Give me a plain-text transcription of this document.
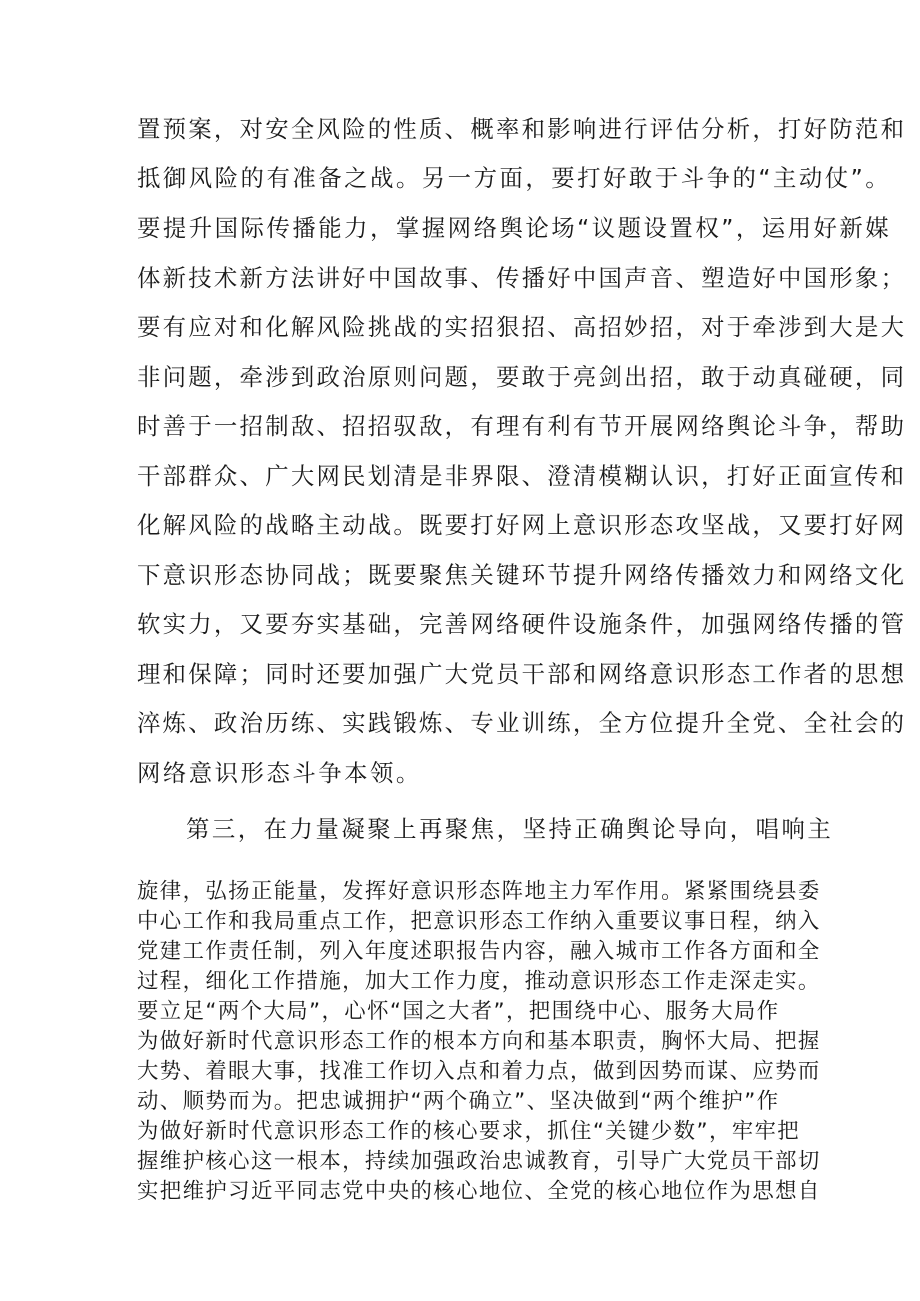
置预案，对安全风险的性质、概率和影响进行评估分析，打好防范和

抵御风险的有准备之战。另一方面，要打好敢于斗争的“主动仗”。

要提升国际传播能力，掌握网络舆论场“议题设置权”，运用好新媒

体新技术新方法讲好中国故事、传播好中国声音、塑造好中国形象；

要有应对和化解风险挑战的实招狠招、高招妙招，对于牵涉到大是大

非问题，牵涉到政治原则问题，要敢于亮剑出招，敢于动真碰硬，同

时善于一招制敌、招招驭敌，有理有利有节开展网络舆论斗争，帮助

干部群众、广大网民划清是非界限、澄清模糊认识，打好正面宣传和

化解风险的战略主动战。既要打好网上意识形态攻坚战，又要打好网

下意识形态协同战；既要聚焦关键环节提升网络传播效力和网络文化

软实力，又要夯实基础，完善网络硬件设施条件，加强网络传播的管

理和保障；同时还要加强广大党员干部和网络意识形态工作者的思想

淬炼、政治历练、实践锻炼、专业训练，全方位提升全党、全社会的

网络意识形态斗争本领。

第三，在力量凝聚上再聚焦，坚持正确舆论导向，唱响主

旋律，弘扬正能量，发挥好意识形态阵地主力军作用。紧紧围绕县委

中心工作和我局重点工作，把意识形态工作纳入重要议事日程，纳入

党建工作责任制，列入年度述职报告内容，融入城市工作各方面和全

过程，细化工作措施，加大工作力度，推动意识形态工作走深走实。

要立足“两个大局”，心怀“国之大者”，把围绕中心、服务大局作

为做好新时代意识形态工作的根本方向和基本职责，胸怀大局、把握

大势、着眼大事，找准工作切入点和着力点，做到因势而谋、应势而

动、顺势而为。把忠诚拥护“两个确立”、坚决做到“两个维护”作

为做好新时代意识形态工作的核心要求，抓住“关键少数”，牢牢把

握维护核心这一根本，持续加强政治忠诚教育，引导广大党员干部切

实把维护习近平同志党中央的核心地位、全党的核心地位作为思想自
